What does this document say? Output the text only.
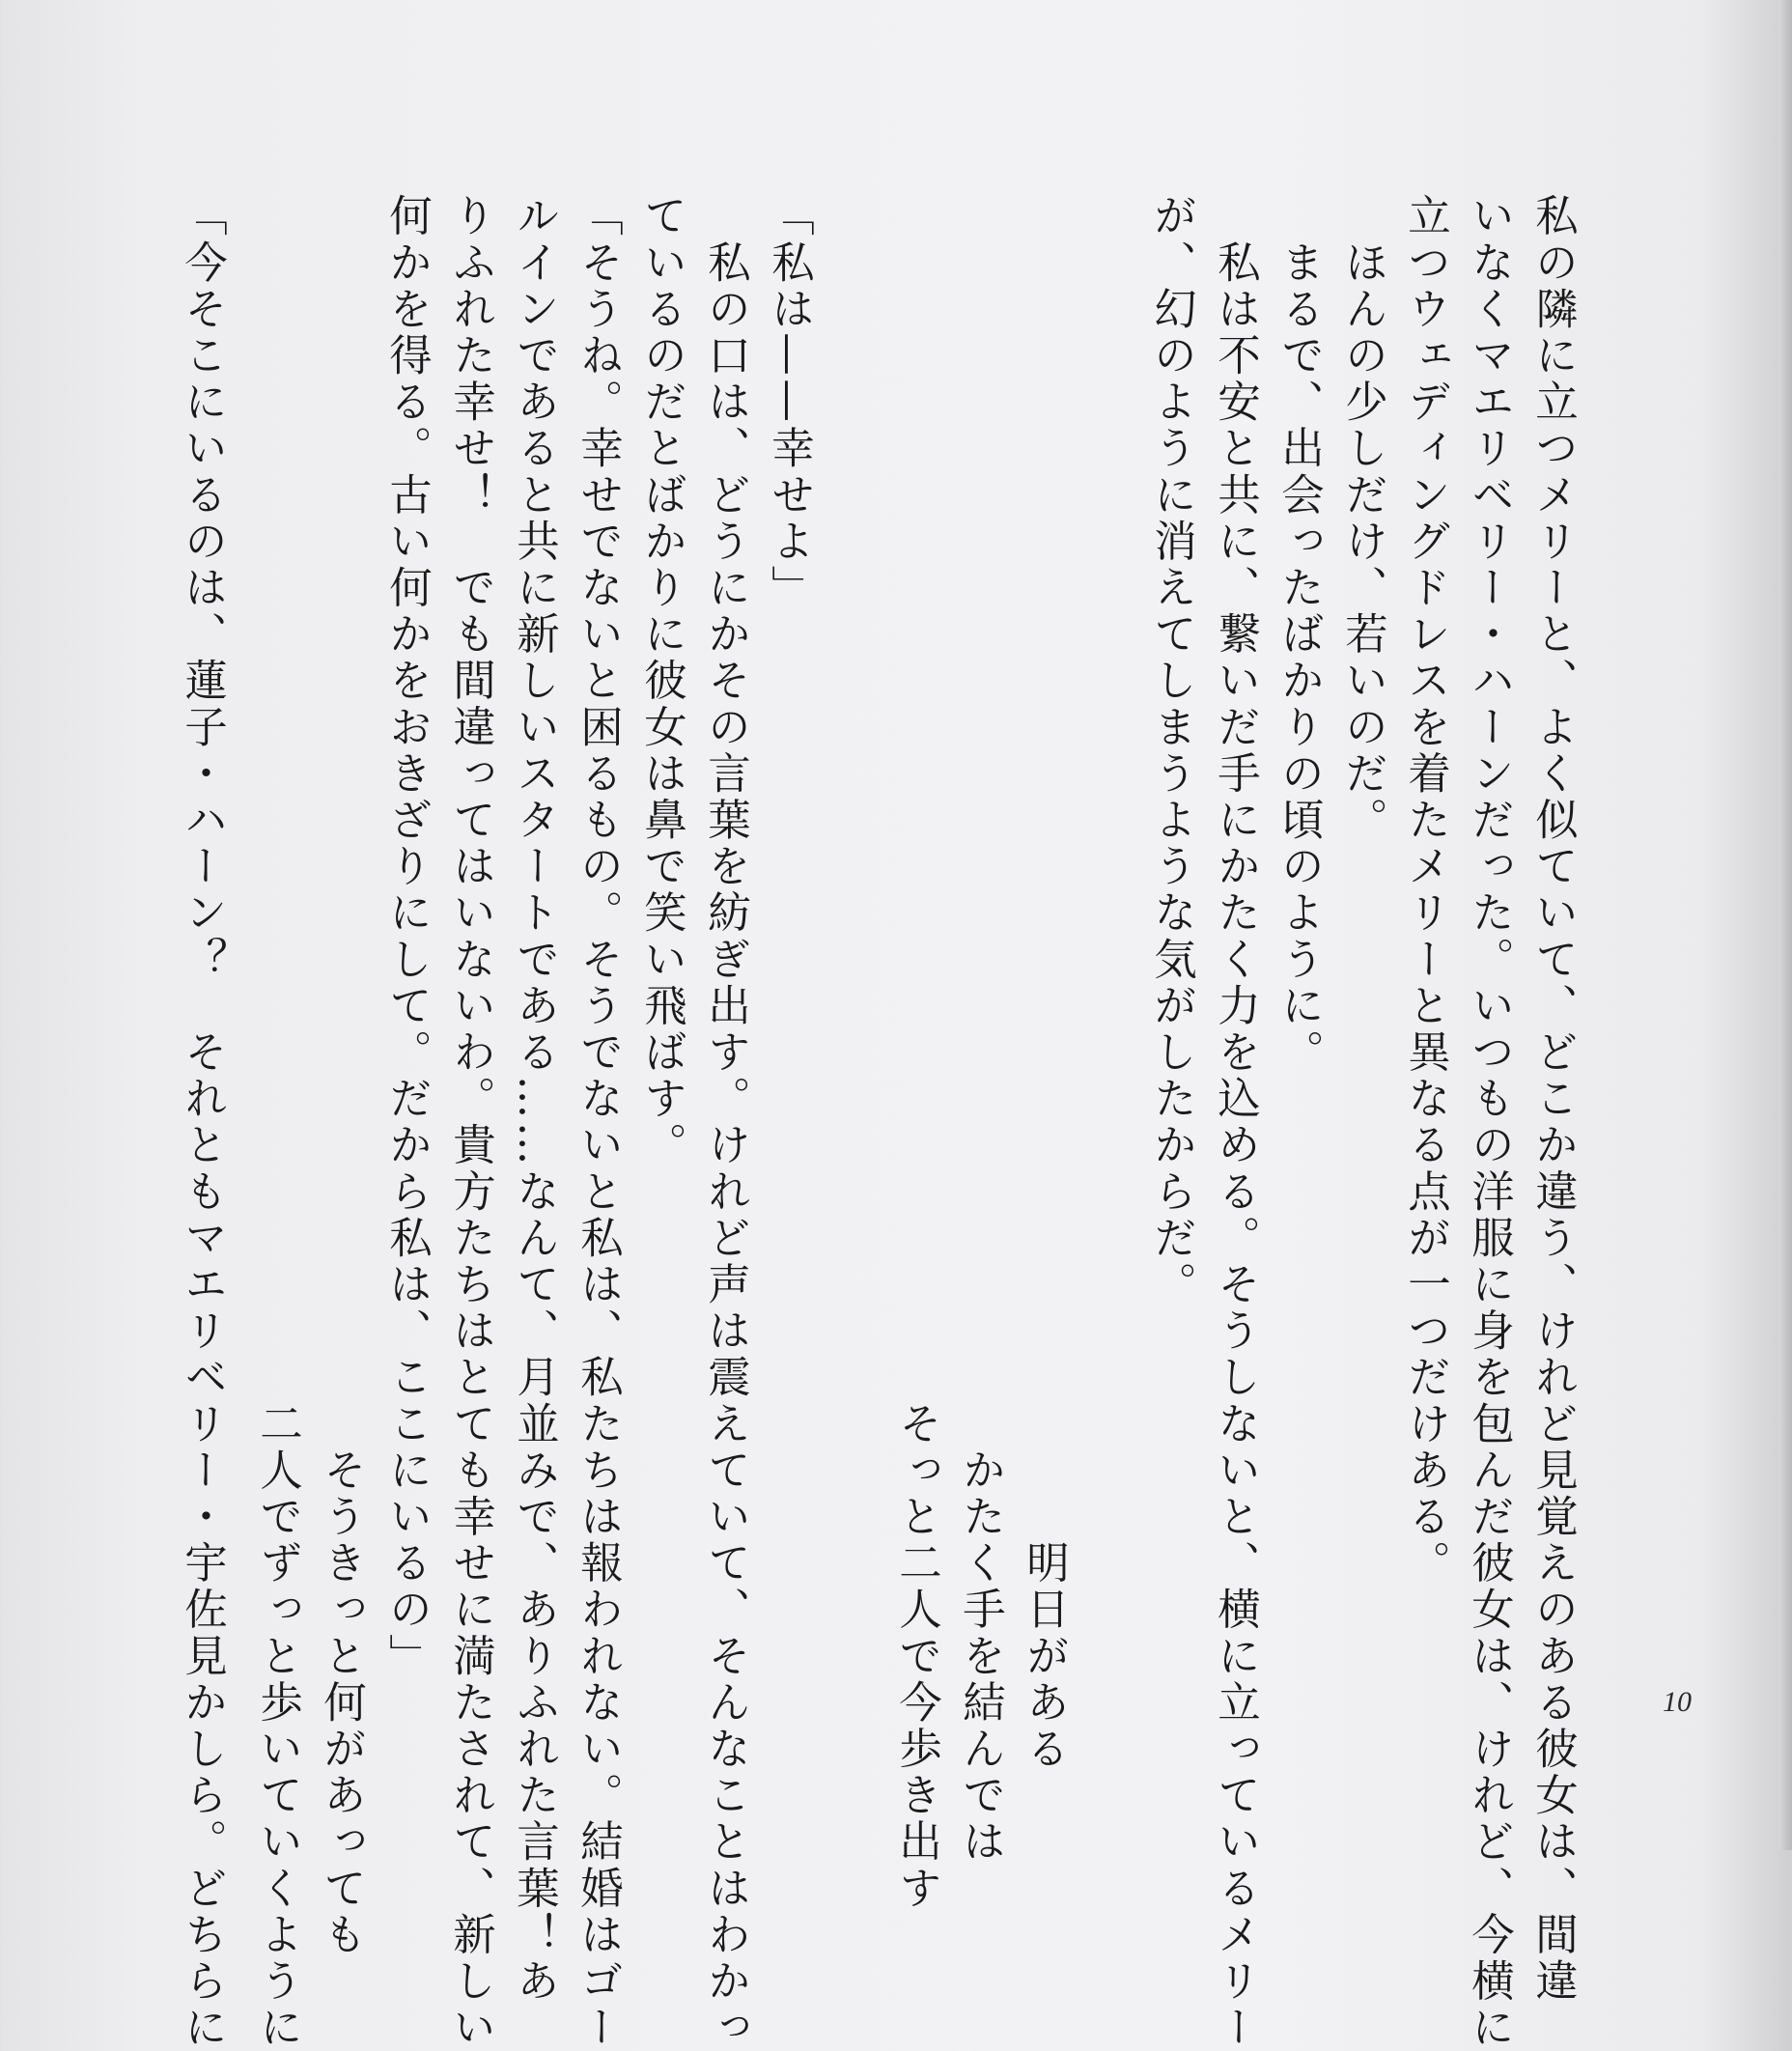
私の隣に立つメリーと、よく似ていて、どこか違う、けれど見覚えのある彼女は、間違
いなくマエリベリー・ハーンだった。いつもの洋服に身を包んだ彼女は、けれど、今横に
立つウェディングドレスを着たメリーと異なる点が一つだけある。
　ほんの少しだけ、若いのだ。
　まるで、出会ったばかりの頃のように。
　私は不安と共に、繋いだ手にかたく力を込める。そうしないと、横に立っているメリー
が、幻のように消えてしまうような気がしたからだ。
　　　　　　　　　　　　　　　　　　　　　　　　　　　　　明日がある
　　　　　　　　　　　　　　　　　　　　　　　　　　　かたく手を結んでは
　　　　　　　　　　　　　　　　　　　　　　　　　　そっと二人で今歩き出す
「私は——幸せよ」
　私の口は、どうにかその言葉を紡ぎ出す。けれど声は震えていて、そんなことはわかっ
ているのだとばかりに彼女は鼻で笑い飛ばす。
「そうね。幸せでないと困るもの。そうでないと私は、私たちは報われない。結婚はゴー
ルインであると共に新しいスタートである……なんて、月並みで、ありふれた言葉！あ
りふれた幸せ！　でも間違ってはいないわ。貴方たちはとても幸せに満たされて、新しい
何かを得る。古い何かをおきざりにして。だから私は、ここにいるの」
　　　　　　　　　　　　　　　　　　　　　　　　　　　そうきっと何があっても
　　　　　　　　　　　　　　　　　　　　　　　　　　二人でずっと歩いていくように
「今そこにいるのは、蓮子・ハーン？　それともマエリベリー・宇佐見かしら。どちらに	10
